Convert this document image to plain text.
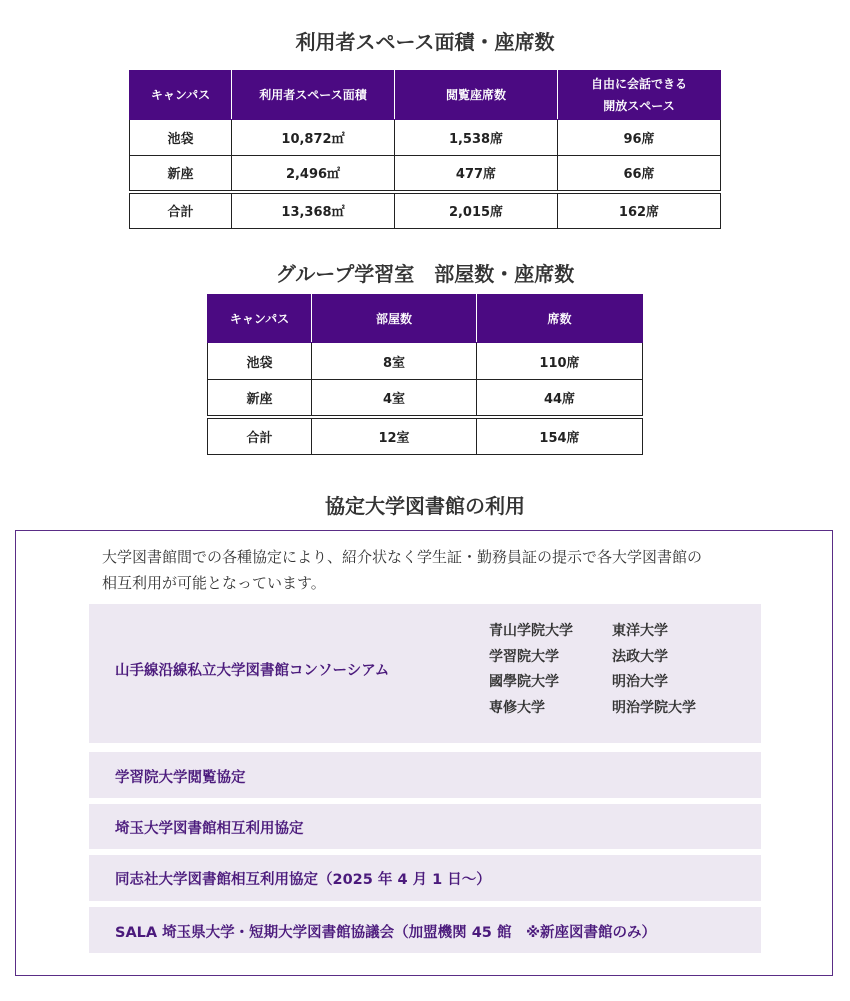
利用者スペース面積・座席数
キャンパス	利用者スペース面積	閲覧座席数	自由に会話できる
開放スペース
池袋	10,872㎡	1,538席	96席
新座	2,496㎡	477席	66席
合計	13,368㎡	2,015席	162席
グループ学習室　部屋数・座席数
キャンパス	部屋数	席数
池袋	8室	110席
新座	4室	44席
合計	12室	154席
協定大学図書館の利用

大学図書館間での各種協定により、紹介状なく学生証・勤務員証の提示で各大学図書館の
相互利用が可能となっています。

山手線沿線私立大学図書館コンソーシアム
青山学院大学	東洋大学
学習院大学	法政大学
國學院大学	明治大学
専修大学	明治学院大学
学習院大学閲覧協定
埼玉大学図書館相互利用協定
同志社大学図書館相互利用協定（2025 年 4 月 1 日～）
SALA 埼玉県大学・短期大学図書館協議会（加盟機関 45 館　※新座図書館のみ）
